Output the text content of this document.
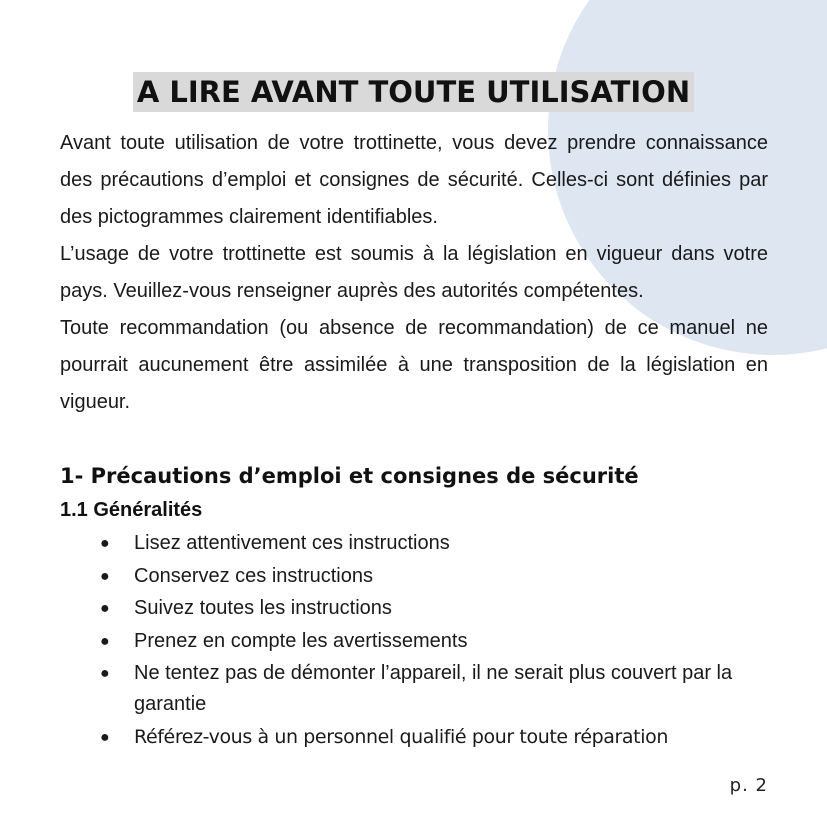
A LIRE AVANT TOUTE UTILISATION

Avant toute utilisation de votre trottinette, vous devez prendre connaissance des précautions d’emploi et consignes de sécurité. Celles-ci sont définies par des pictogrammes clairement identifiables.

L’usage de votre trottinette est soumis à la législation en vigueur dans votre pays. Veuillez-vous renseigner auprès des autorités compétentes.

Toute recommandation (ou absence de recommandation) de ce manuel ne pourrait aucunement être assimilée à une transposition de la législation en vigueur.

1- Précautions d’emploi et consignes de sécurité
1.1 Généralités
● Lisez attentivement ces instructions
● Conservez ces instructions
● Suivez toutes les instructions
● Prenez en compte les avertissements
● Ne tentez pas de démonter l’appareil, il ne serait plus couvert par la garantie
● Référez-vous à un personnel qualifié pour toute réparation
p. 2
